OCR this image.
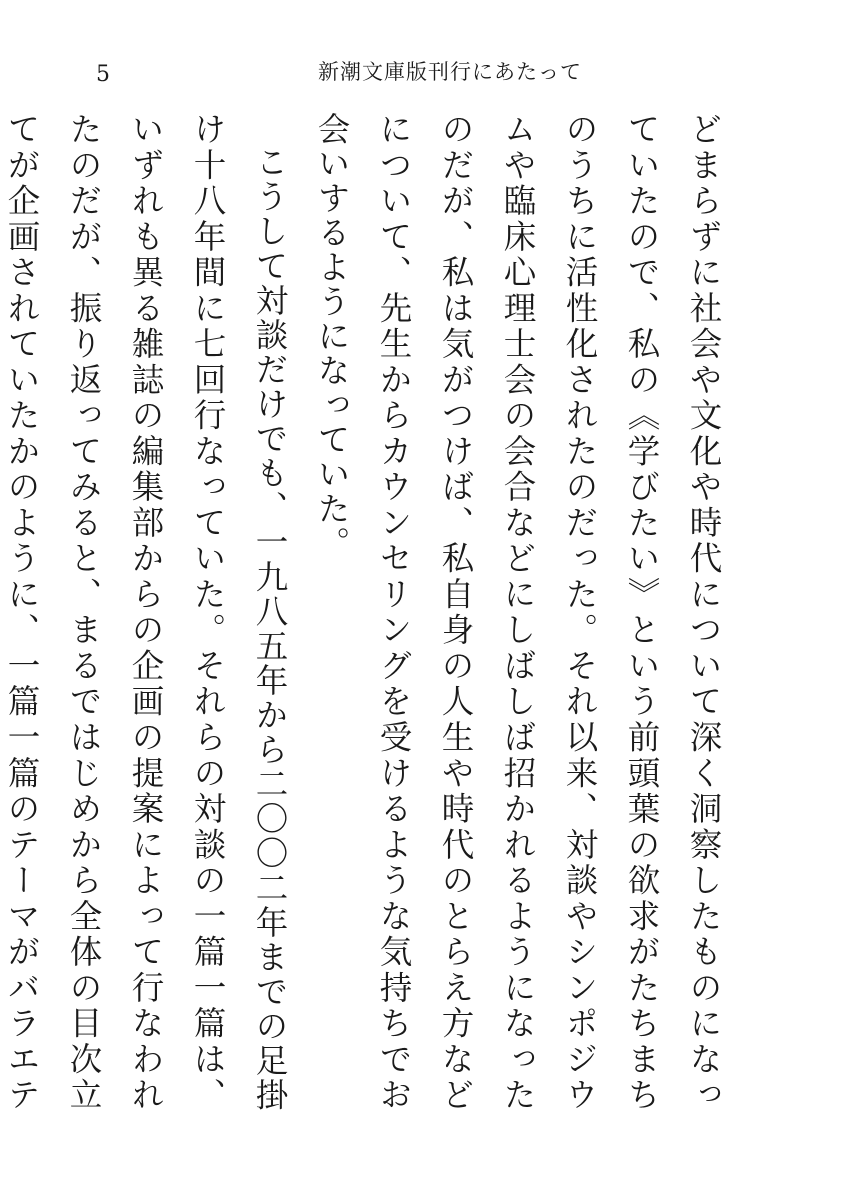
5	新潮文庫版刊行にあたって

どまらずに社会や文化や時代について深く洞察したものになっていたので、私の《学びたい》という前頭葉の欲求がたちまちのうちに活性化されたのだった。それ以来、対談やシンポジウムや臨床心理士会の会合などにしばしば招かれるようになったのだが、私は気がつけば、私自身の人生や時代のとらえ方などについて、先生からカウンセリングを受けるような気持ちでお会いするようになっていた。

こうして対談だけでも、一九八五年から二〇〇二年までの足掛け十八年間に七回行なっていた。それらの対談の一篇一篇は、いずれも異る雑誌の編集部からの企画の提案によって行なわれたのだが、振り返ってみると、まるではじめから全体の目次立てが企画されていたかのように、一篇一篇のテーマがバラエテ
